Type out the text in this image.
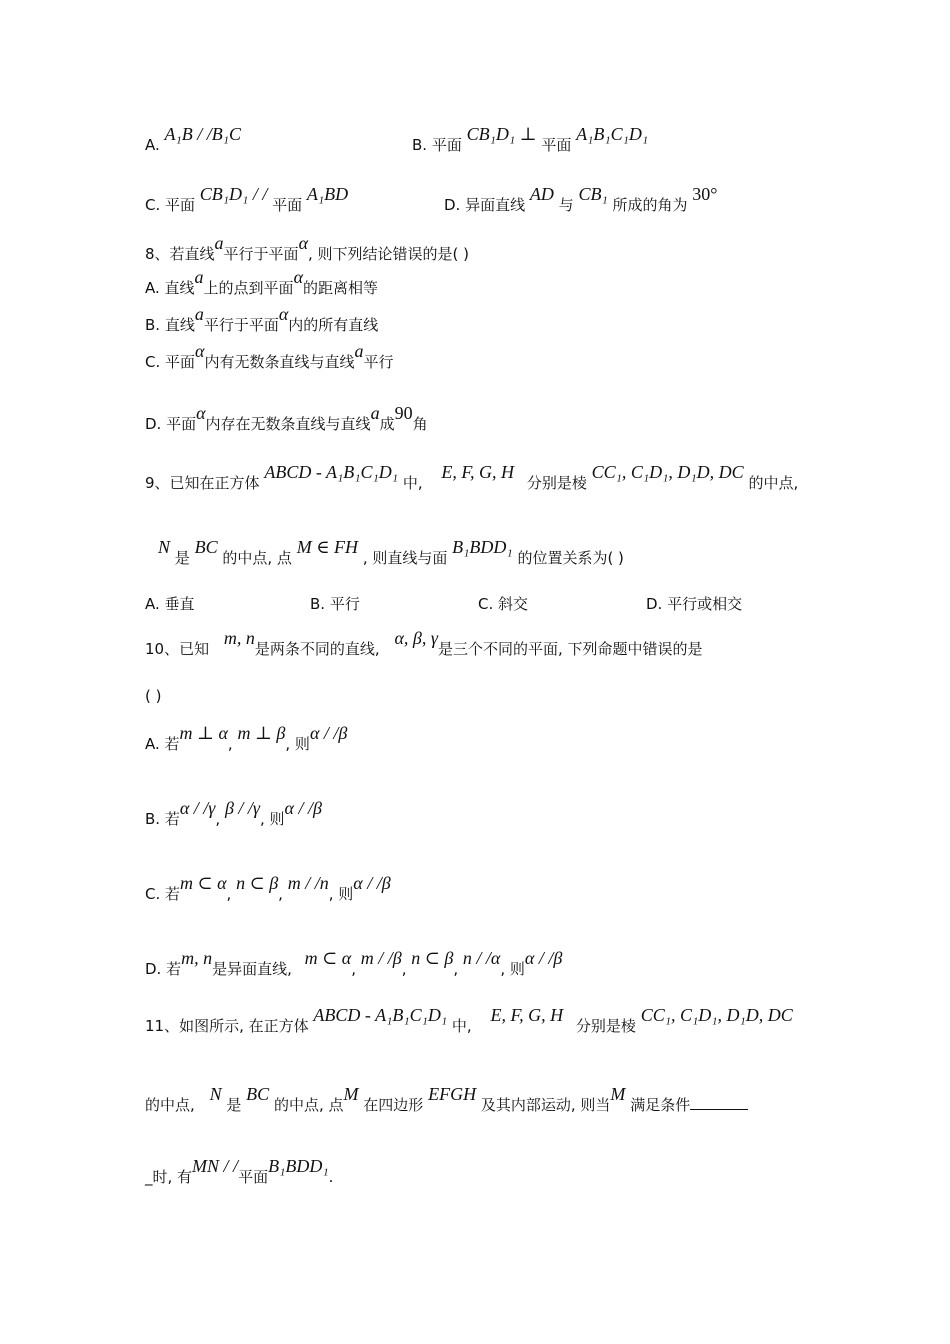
A. A₁B / /B₁C
B. 平面 CB₁D₁ ⊥ 平面 A₁B₁C₁D₁
C. 平面 CB₁D₁ / / 平面 A₁BD
D. 异面直线 AD 与 CB₁ 所成的角为 30°
8、若直线a平行于平面α, 则下列结论错误的是( )
A. 直线a上的点到平面α的距离相等
B. 直线a平行于平面α内的所有直线
C. 平面α内有无数条直线与直线a平行
D. 平面α内存在无数条直线与直线a成90角
9、已知在正方体 ABCD - A₁B₁C₁D₁ 中, E, F, G, H 分别是棱 CC₁, C₁D₁, D₁D, DC 的中点,
N 是 BC 的中点, 点 M ∈ FH , 则直线与面 B₁BDD₁ 的位置关系为( )
A. 垂直	B. 平行	C. 斜交	D. 平行或相交
10、已知 m, n是两条不同的直线, α, β, γ是三个不同的平面, 下列命题中错误的是
( )
A. 若m ⊥ α, m ⊥ β, 则α / /β
B. 若α / /γ, β / /γ, 则α / /β
C. 若m ⊂ α, n ⊂ β, m / /n, 则α / /β
D. 若m, n是异面直线, m ⊂ α, m / /β, n ⊂ β, n / /α, 则α / /β
11、如图所示, 在正方体 ABCD - A₁B₁C₁D₁ 中, E, F, G, H 分别是棱 CC₁, C₁D₁, D₁D, DC
的中点, N 是 BC 的中点, 点M 在四边形 EFGH 及其内部运动, 则当M 满足条件
_时, 有MN / /平面B₁BDD₁.
